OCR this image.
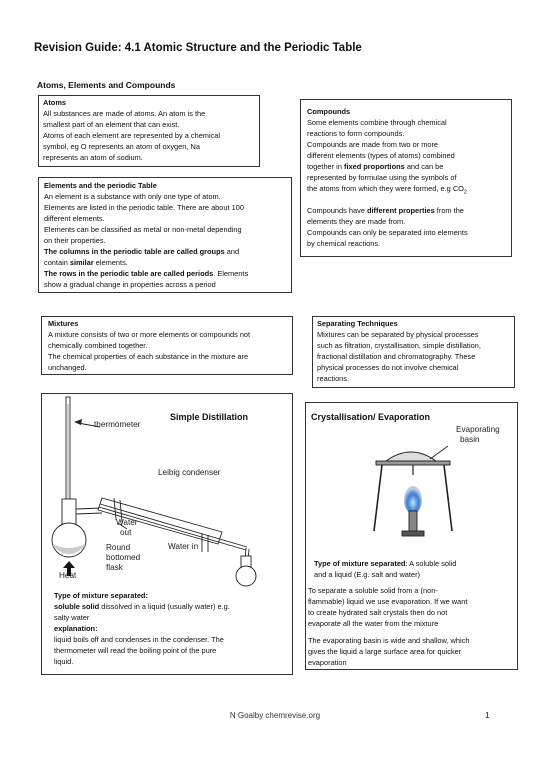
Revision Guide: 4.1 Atomic Structure and the Periodic Table
Atoms, Elements and Compounds

Atoms

All substances are made of atoms. An atom is the

smallest part of an element that can exist.

Atoms of each element are represented by a chemical

symbol, eg O represents an atom of oxygen, Na

represents an atom of sodium.

Compounds

Some elements combine through chemical

reactions to form compounds.

Compounds are made from two or more

different elements (types of atoms) combined

together in fixed proportions and can be

represented by formulae using the symbols of

the atoms from which they were formed, e.g $CO_2$

Compounds have different properties from the

elements they are made from.

Compounds can only be separated into elements

by chemical reactions.

Elements and the periodic Table

An element is a substance with only one type of atom.

Elements are listed in the periodic table. There are about 100

different elements.

Elements can be classified as metal or non-metal depending

on their properties.

The columns in the periodic table are called groups and

contain similar elements.

The rows in the periodic table are called periods. Elements

show a gradual change in properties across a period

Mixtures

A mixture consists of two or more elements or compounds not

chemically combined together.

The chemical properties of each substance in the mixture are

unchanged.

Separating Techniques

Mixtures can be separated by physical processes

such as filtration, crystallisation, simple distillation,

fractional distillation and chromatography. These

physical processes do not involve chemical

reactions.

Simple Distillation
thermometer
Leibig condenser
Water
out
Water in
Round
bottomed
flask
Heat

Type of mixture separated:

soluble solid dissolved in a liquid (usually water) e.g.

salty water

explanation:

liquid boils off and condenses in the condenser. The

thermometer will read the boiling point of the pure

liquid.

Crystallisation/ Evaporation
Evaporating
basin

Type of mixture separated: A soluble solid

and a liquid (E.g. salt and water)

To separate a soluble solid from a (non-

flammable) liquid we use evaporation. If we want

to create hydrated salt crystals then do not

evaporate all the water from the mixture

The evaporating basin is wide and shallow, which

gives the liquid a large surface area for quicker

evaporation

N Goalby chemrevise.org	1
